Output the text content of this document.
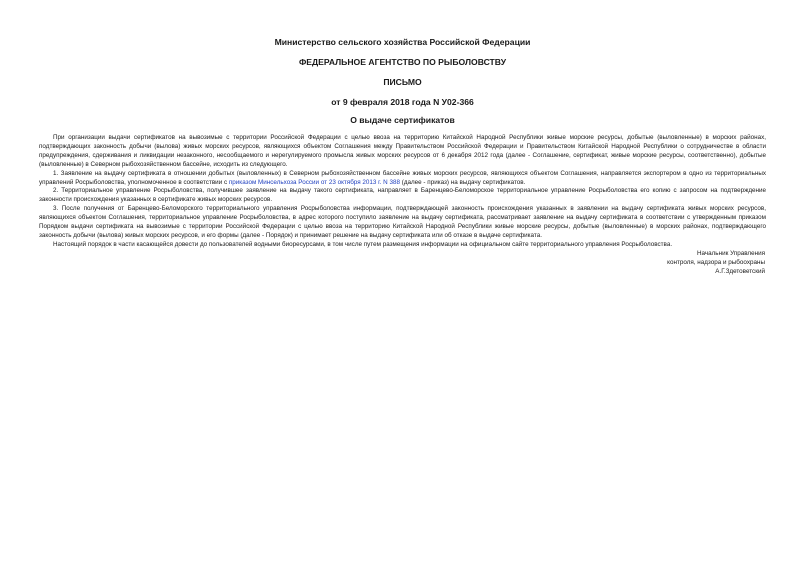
Министерство сельского хозяйства Российской Федерации
ФЕДЕРАЛЬНОЕ АГЕНТСТВО ПО РЫБОЛОВСТВУ
ПИСЬМО
от 9 февраля 2018 года N У02-366
О выдаче сертификатов

При организации выдачи сертификатов на вывозимые с территории Российской Федерации с целью ввоза на территорию Китайской Народной Республики живые морские ресурсы, добытые (выловленные) в морских районах, подтверждающих законность добычи (вылова) живых морских ресурсов, являющихся объектом Соглашения между Правительством Российской Федерации и Правительством Китайской Народной Республики о сотрудничестве в области предупреждения, сдерживания и ликвидации незаконного, несообщаемого и нерегулируемого промысла живых морских ресурсов от 6 декабря 2012 года (далее - Соглашение, сертификат, живые морские ресурсы, соответственно), добытые (выловленные) в Северном рыбохозяйственном бассейне, исходить из следующего.

1. Заявление на выдачу сертификата в отношении добытых (выловленных) в Северном рыбохозяйственном бассейне живых морских ресурсов, являющихся объектом Соглашения, направляется экспортером в одно из территориальных управлений Росрыболовства, уполномоченное в соответствии с приказом Минсельхоза России от 23 октября 2013 г. N 388 (далее - приказ) на выдачу сертификатов.

2. Территориальное управление Росрыболовства, получившее заявление на выдачу такого сертификата, направляет в Баренцево-Беломорское территориальное управление Росрыболовства его копию с запросом на подтверждение законности происхождения указанных в сертификате живых морских ресурсов.

3. После получения от Баренцево-Беломорского территориального управления Росрыболовства информации, подтверждающей законность происхождения указанных в заявлении на выдачу сертификата живых морских ресурсов, являющихся объектом Соглашения, территориальное управление Росрыболовства, в адрес которого поступило заявление на выдачу сертификата, рассматривает заявление на выдачу сертификата в соответствии с утвержденным приказом Порядком выдачи сертификата на вывозимые с территории Российской Федерации с целью ввоза на территорию Китайской Народной Республики живые морские ресурсы, добытые (выловленные) в морских районах, подтверждающего законность добычи (вылова) живых морских ресурсов, и его формы (далее - Порядок) и принимает решение на выдачу сертификата или об отказе в выдаче сертификата.

Настоящий порядок в части касающейся довести до пользователей водными биоресурсами, в том числе путем размещения информации на официальном сайте территориального управления Росрыболовства.

Начальник Управления
контроля, надзора и рыбоохраны
А.Г.Здетоветский
